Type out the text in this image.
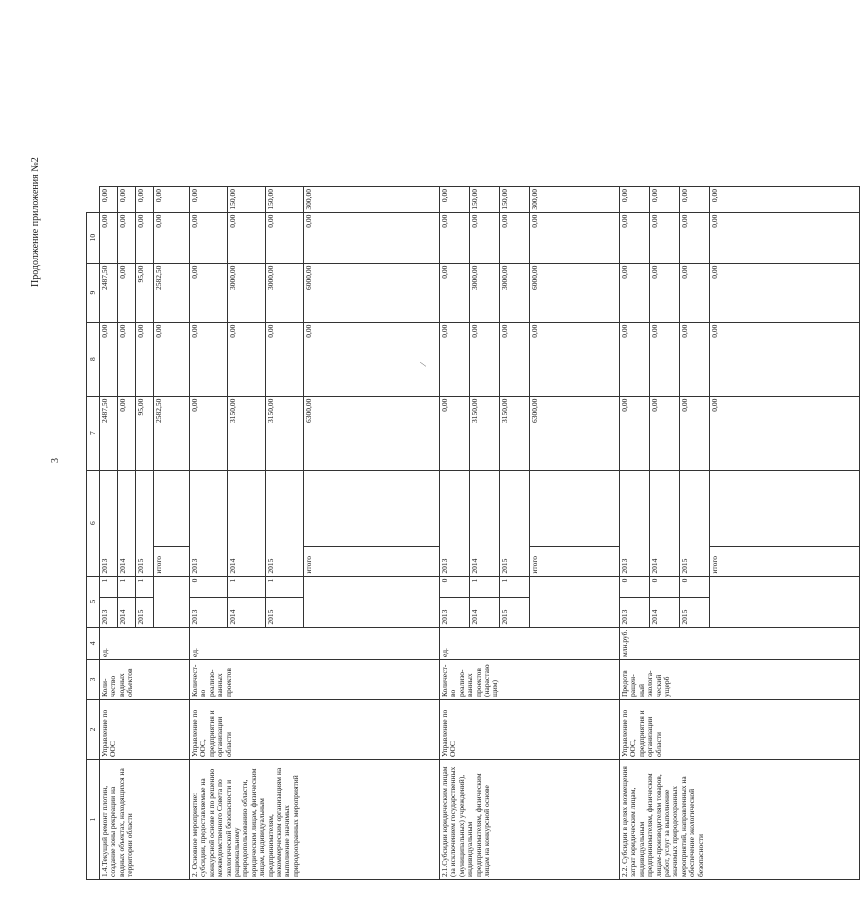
Продолжение приложения №2
3
∕
1	2	3	4	5		6		7	8	9	10	
1.4.Текущий ремонт плотин, создание зоны рекреации на водных объектах, находящихся на территории области	Управление по ООС	Коли-чество водных объектов	ед.	2013	1	2013		2487,50	0,00	2487,50	0,00	0,00
				2014	1	2014		0,00	0,00	0,00	0,00	0,00
				2015	1	2015		95,00	0,00	95,00	0,00	0,00
						итого		2582,50	0,00	2582,50	0,00	0,00
2. Основное мероприятие: субсидии, предоставляемые на конкурсной основе и по решению межведомственного Совета по экологической безопасности и рациональному природопользованию области, юридическим лицам, физическим лицам, индивидуальным предпринимателям, некоммерческим организациям на выполнение значимых природоохранных мероприятий	Управление по ООС, предприятия и организации области	Количест-во реализо-ванных проектов	ед.	2013	0	2013		0,00	0,00	0,00	0,00	0,00
				2014	1	2014		3150,00	0,00	3000,00	0,00	150,00
				2015	1	2015		3150,00	0,00	3000,00	0,00	150,00
						итого		6300,00	0,00	6000,00	0,00	300,00
2.1.Субсидии юридическим лицам (за исключением государственных (муниципальных) учреждений), индивидуальным предпринимателям, физическим лицам на конкурсной основе	Управление по ООС	Количест-во реализо-ванных проектов (нарастаю щим)	ед.	2013	0	2013		0,00	0,00	0,00	0,00	0,00
				2014	1	2014		3150,00	0,00	3000,00	0,00	150,00
				2015	1	2015		3150,00	0,00	3000,00	0,00	150,00
						итого		6300,00	0,00	6000,00	0,00	300,00
2.2. Субсидии в целях возмещения затрат юридическим лицам, индивидуальным предпринимателям, физическим лицам-производителям товаров, работ, услуг за выполнение значимых природоохранных мероприятий, направленных на обеспечение экологической безопасности	Управление по ООС, предприятия и организации области	Предотв ращен-ный эколога-ческий ущерб	млн.руб.	2013	0	2013		0,00	0,00	0,00	0,00	0,00
				2014	0	2014		0,00	0,00	0,00	0,00	0,00
				2015	0	2015		0,00	0,00	0,00	0,00	0,00
						итого		0,00	0,00	0,00	0,00	0,00
